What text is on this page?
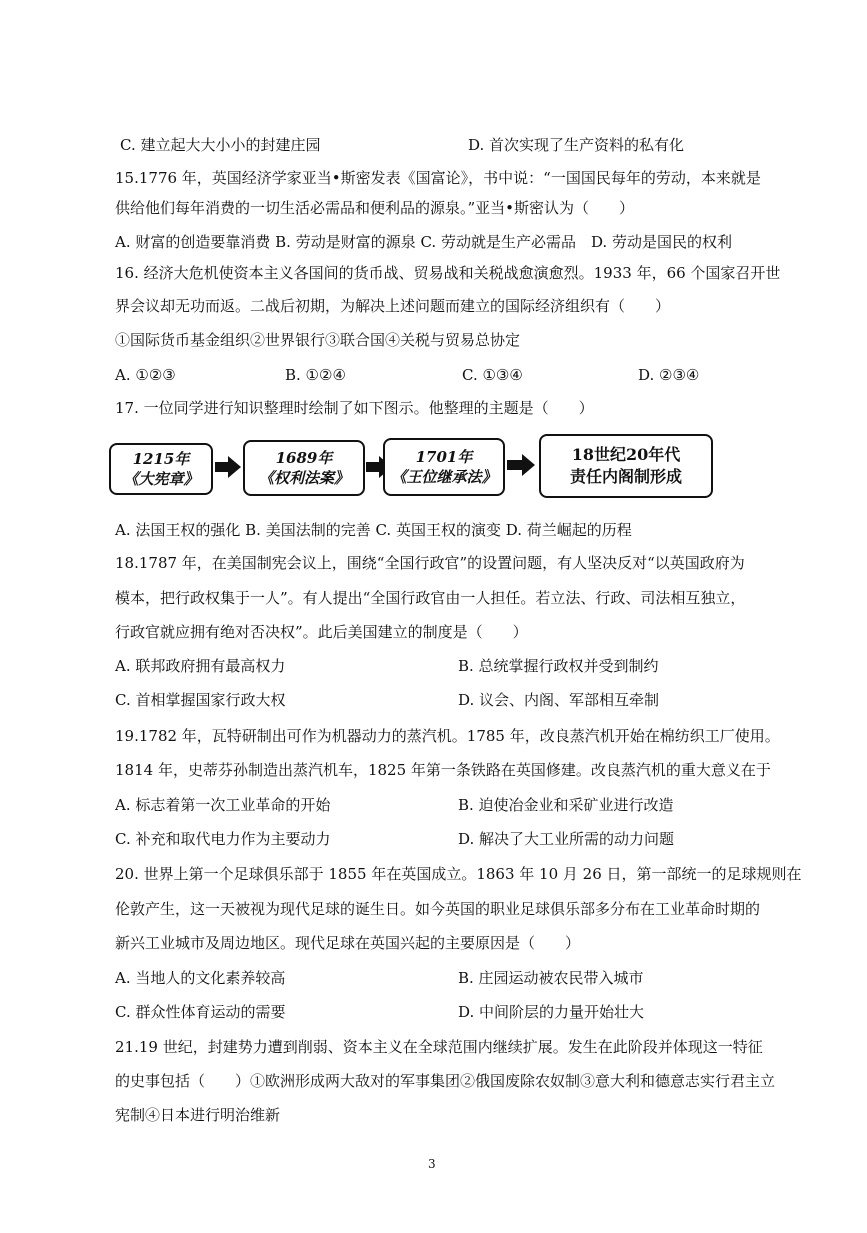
C. 建立起大大小小的封建庄园	D. 首次实现了生产资料的私有化
15.1776 年，英国经济学家亚当•斯密发表《国富论》，书中说：“一国国民每年的劳动，本来就是
供给他们每年消费的一切生活必需品和便利品的源泉。”亚当•斯密认为（　　）
A. 财富的创造要靠消费 B. 劳动是财富的源泉 C. 劳动就是生产必需品　D. 劳动是国民的权利
16. 经济大危机使资本主义各国间的货币战、贸易战和关税战愈演愈烈。1933 年，66 个国家召开世
界会议却无功而返。二战后初期，为解决上述问题而建立的国际经济组织有（　　）
①国际货币基金组织②世界银行③联合国④关税与贸易总协定
A. ①②③	B. ①②④	C. ①③④	D. ②③④
17. 一位同学进行知识整理时绘制了如下图示。他整理的主题是（　　）
1215年
《大宪章》
1689年
《权利法案》
1701年
《王位继承法》
18世纪20年代
责任内阁制形成
A. 法国王权的强化 B. 美国法制的完善 C. 英国王权的演变 D. 荷兰崛起的历程
18.1787 年，在美国制宪会议上，围绕“全国行政官”的设置问题，有人坚决反对“以英国政府为
模本，把行政权集于一人”。有人提出“全国行政官由一人担任。若立法、行政、司法相互独立，
行政官就应拥有绝对否决权”。此后美国建立的制度是（　　）
A. 联邦政府拥有最高权力	B. 总统掌握行政权并受到制约
C. 首相掌握国家行政大权	D. 议会、内阁、军部相互牵制
19.1782 年，瓦特研制出可作为机器动力的蒸汽机。1785 年，改良蒸汽机开始在棉纺织工厂使用。
1814 年，史蒂芬孙制造出蒸汽机车，1825 年第一条铁路在英国修建。改良蒸汽机的重大意义在于
A. 标志着第一次工业革命的开始	B. 迫使冶金业和采矿业进行改造
C. 补充和取代电力作为主要动力	D. 解决了大工业所需的动力问题
20. 世界上第一个足球俱乐部于 1855 年在英国成立。1863 年 10 月 26 日，第一部统一的足球规则在
伦敦产生，这一天被视为现代足球的诞生日。如今英国的职业足球俱乐部多分布在工业革命时期的
新兴工业城市及周边地区。现代足球在英国兴起的主要原因是（　　）
A. 当地人的文化素养较高	B. 庄园运动被农民带入城市
C. 群众性体育运动的需要	D. 中间阶层的力量开始壮大
21.19 世纪，封建势力遭到削弱、资本主义在全球范围内继续扩展。发生在此阶段并体现这一特征
的史事包括（　　）①欧洲形成两大敌对的军事集团②俄国废除农奴制③意大利和德意志实行君主立
宪制④日本进行明治维新
3
